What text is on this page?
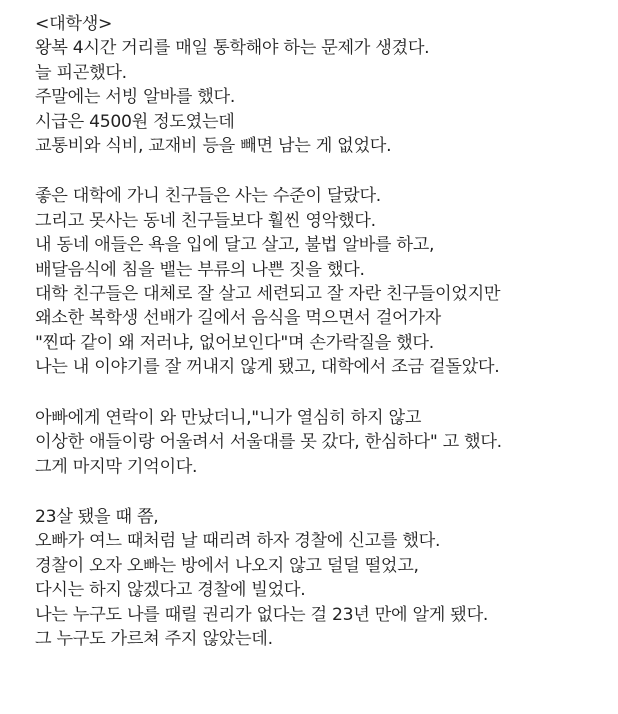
<대학생>
왕복 4시간 거리를 매일 통학해야 하는 문제가 생겼다.
늘 피곤했다.
주말에는 서빙 알바를 했다.
시급은 4500원 정도였는데
교통비와 식비, 교재비 등을 빼면 남는 게 없었다.
좋은 대학에 가니 친구들은 사는 수준이 달랐다.
그리고 못사는 동네 친구들보다 훨씬 영악했다.
내 동네 애들은 욕을 입에 달고 살고, 불법 알바를 하고,
배달음식에 침을 뱉는 부류의 나쁜 짓을 했다.
대학 친구들은 대체로 잘 살고 세련되고 잘 자란 친구들이었지만
왜소한 복학생 선배가 길에서 음식을 먹으면서 걸어가자
"찐따 같이 왜 저러냐, 없어보인다"며 손가락질을 했다.
나는 내 이야기를 잘 꺼내지 않게 됐고, 대학에서 조금 겉돌았다.
아빠에게 연락이 와 만났더니,"니가 열심히 하지 않고
이상한 애들이랑 어울려서 서울대를 못 갔다, 한심하다" 고 했다.
그게 마지막 기억이다.
23살 됐을 때 쯤,
오빠가 여느 때처럼 날 때리려 하자 경찰에 신고를 했다.
경찰이 오자 오빠는 방에서 나오지 않고 덜덜 떨었고,
다시는 하지 않겠다고 경찰에 빌었다.
나는 누구도 나를 때릴 권리가 없다는 걸 23년 만에 알게 됐다.
그 누구도 가르쳐 주지 않았는데.
